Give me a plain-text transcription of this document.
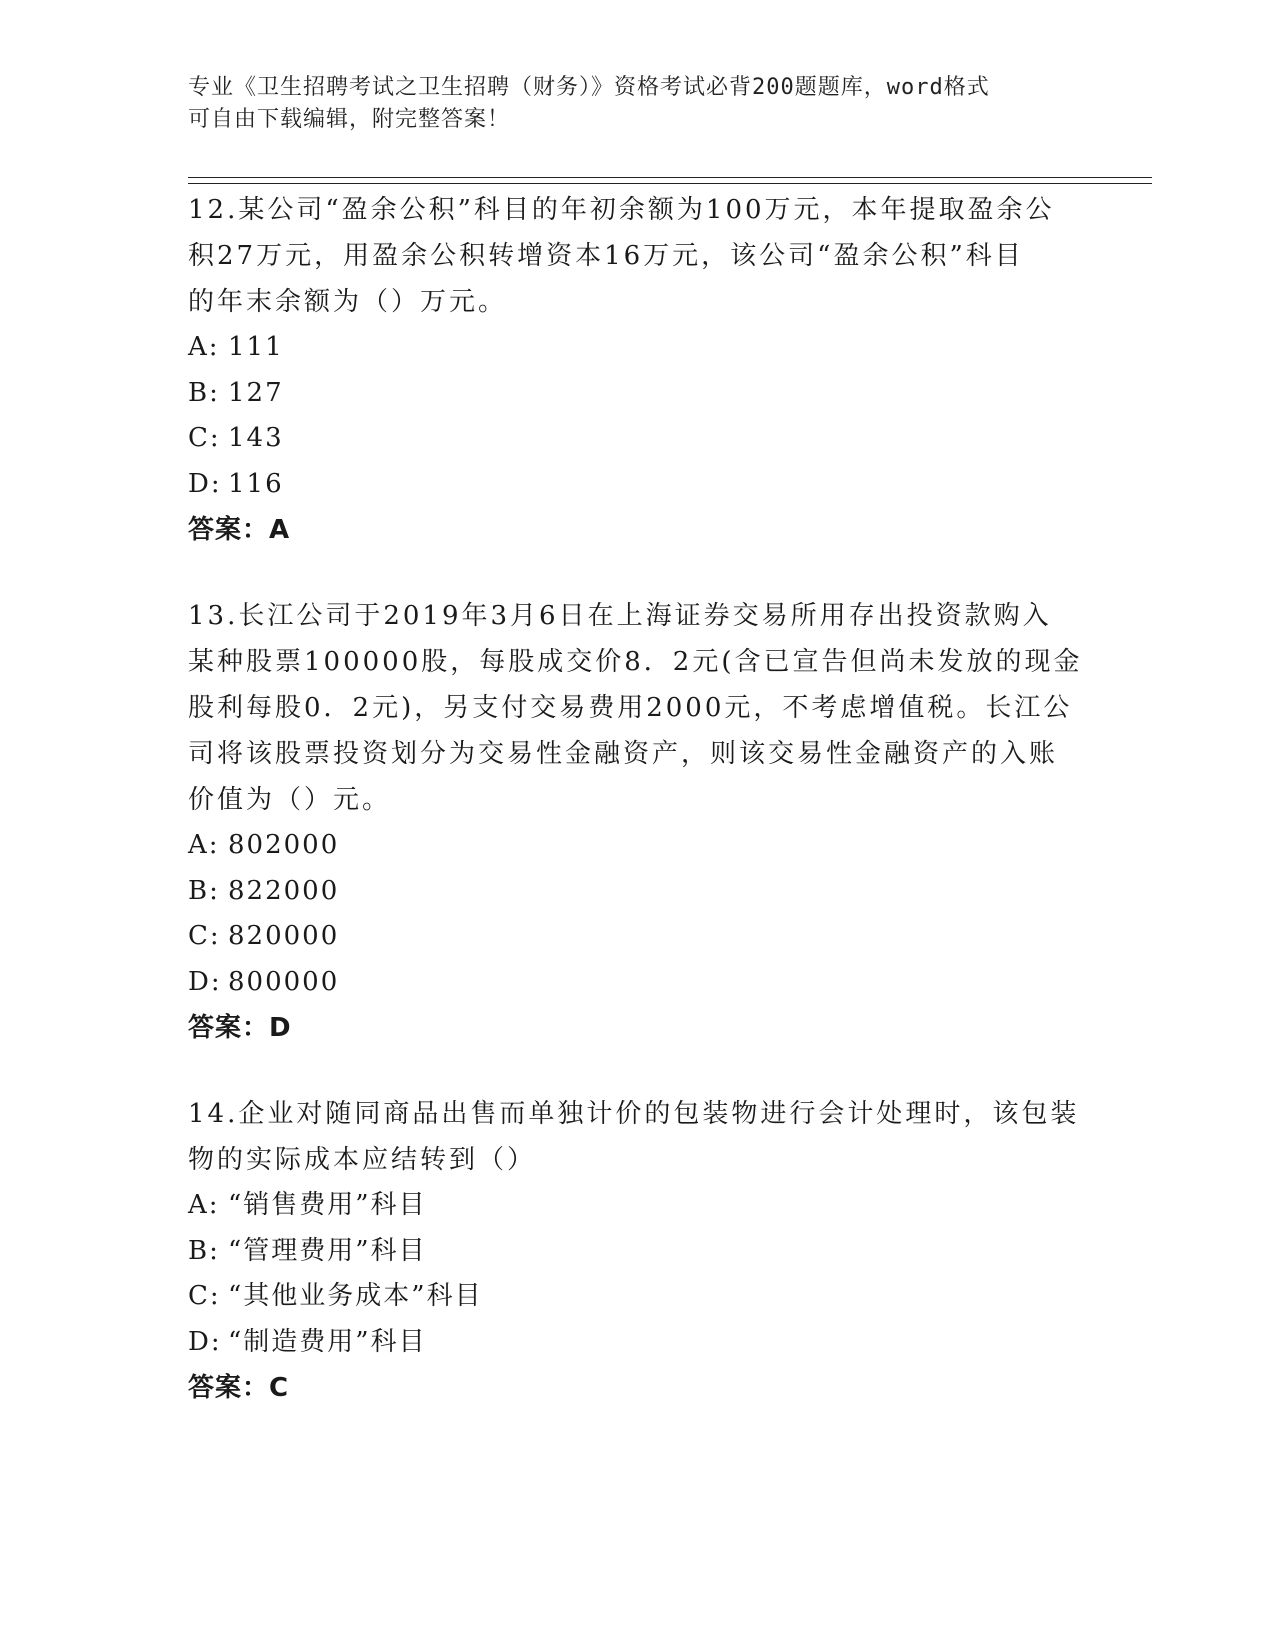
专业《卫生招聘考试之卫生招聘（财务）》资格考试必背200题题库，word格式
可自由下载编辑，附完整答案！
12.某公司“盈余公积”科目的年初余额为100万元，本年提取盈余公
积27万元，用盈余公积转增资本16万元，该公司“盈余公积”科目
的年末余额为（）万元。
A: 111
B: 127
C: 143
D: 116
答案：A
13.长江公司于2019年3月6日在上海证券交易所用存出投资款购入
某种股票100000股，每股成交价8．2元(含已宣告但尚未发放的现金
股利每股0．2元)，另支付交易费用2000元，不考虑增值税。长江公
司将该股票投资划分为交易性金融资产，则该交易性金融资产的入账
价值为（）元。
A: 802000
B: 822000
C: 820000
D: 800000
答案：D
14.企业对随同商品出售而单独计价的包装物进行会计处理时，该包装
物的实际成本应结转到（）
A: “销售费用”科目
B: “管理费用”科目
C: “其他业务成本”科目
D: “制造费用”科目
答案：C
